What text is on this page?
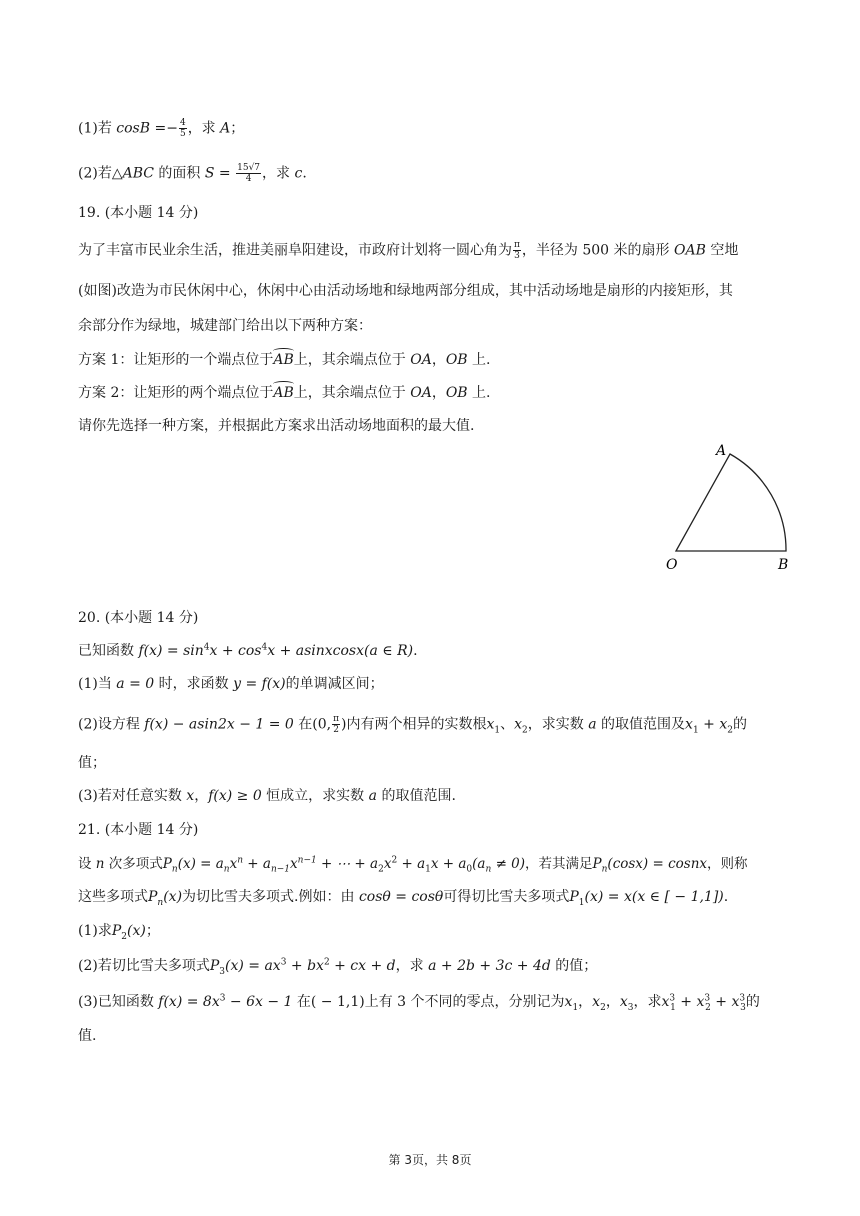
(1)若 $\cos B =- \frac{4}{5}$ ，求 A；
(2)若△ABC 的面积 $S = \frac{15√7}{4}$ ，求 c.
19. (本小题 14 分)
为了丰富市民业余生活，推进美丽阜阳建设，市政府计划将一圆心角为 $\frac{\pi}{3}$ ，半径为 500 米的扇形 OAB 空地
(如图)改造为市民休闲中心，休闲中心由活动场地和绿地两部分组成，其中活动场地是扇形的内接矩形，其
余部分作为绿地，城建部门给出以下两种方案：
方案 1：让矩形的一个端点位于AB上，其余端点位于 OA，OB 上.
方案 2：让矩形的两个端点位于AB上，其余端点位于 OA，OB 上.
请你先选择一种方案，并根据此方案求出活动场地面积的最大值.
A
O	B
20. (本小题 14 分)
已知函数 $f(x) = \sin^4x + \cos^4x$ + asinxcosx(a ∈ R).
(1)当 a = 0 时，求函数 y = f(x)的单调减区间；
(2)设方程 f(x) − asin2x − 1 = 0 在(0, $\frac{\pi}{2}$ )内有两个相异的实数根$x_1$、$x_2$，求实数 a 的取值范围及$x_1 + x_2$的
值；
(3)若对任意实数 x，f(x) ≥ 0 恒成立，求实数 a 的取值范围.
21. (本小题 14 分)
设 n 次多项式$P_n(x) = a_nx^n + a_{n-1}x^{n-1}$ + ⋯ + $a_2x^2 + a_1x + a_0(a_n \ne 0)$，若其满足$P_n(\cos x)$ = cosnx，则称
这些多项式$P_n(x)$为切比雪夫多项式.例如：由 cosθ = cosθ可得切比雪夫多项式$P_1(x) = x(x$ ∈ [ − 1,1]).
(1)求$P_2(x)$；
(2)若切比雪夫多项式$P_3(x) = ax^3 + bx^2$ + cx + d，求 a + 2b + 3c + 4d 的值；
(3)已知函数 $f(x) = 8x^3 - 6x - 1$ 在( − 1,1)上有 3 个不同的零点，分别记为$x_1$，$x_2$，$x_3$，求$x^3_1 + x^3_2 + x^3_3$的
值.
第 3页，共 8页
